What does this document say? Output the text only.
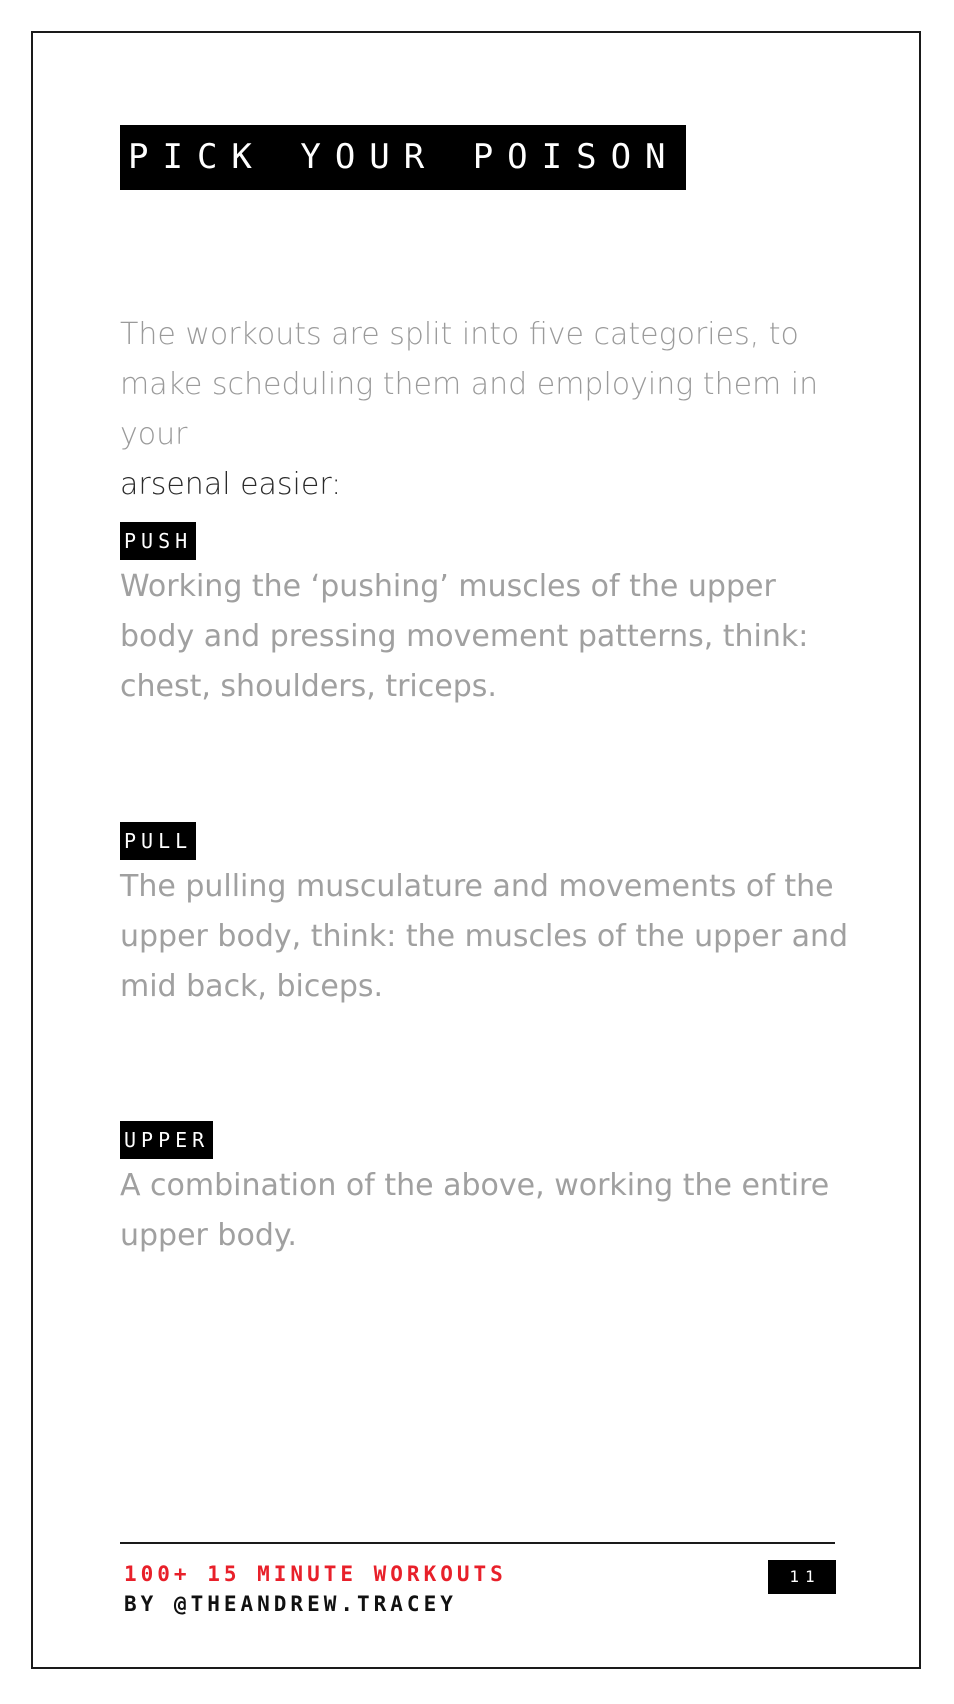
PICK YOUR POISON

The workouts are split into five categories, to make scheduling them and employing them in your
arsenal easier:

PUSH

Working the ‘pushing’ muscles of the upper body and pressing movement patterns, think: chest, shoulders, triceps.

PULL

The pulling musculature and movements of the upper body, think: the muscles of the upper and mid back, biceps.

UPPER

A combination of the above, working the entire upper body.

100+ 15 MINUTE WORKOUTS
BY @THEANDREW.TRACEY
11
